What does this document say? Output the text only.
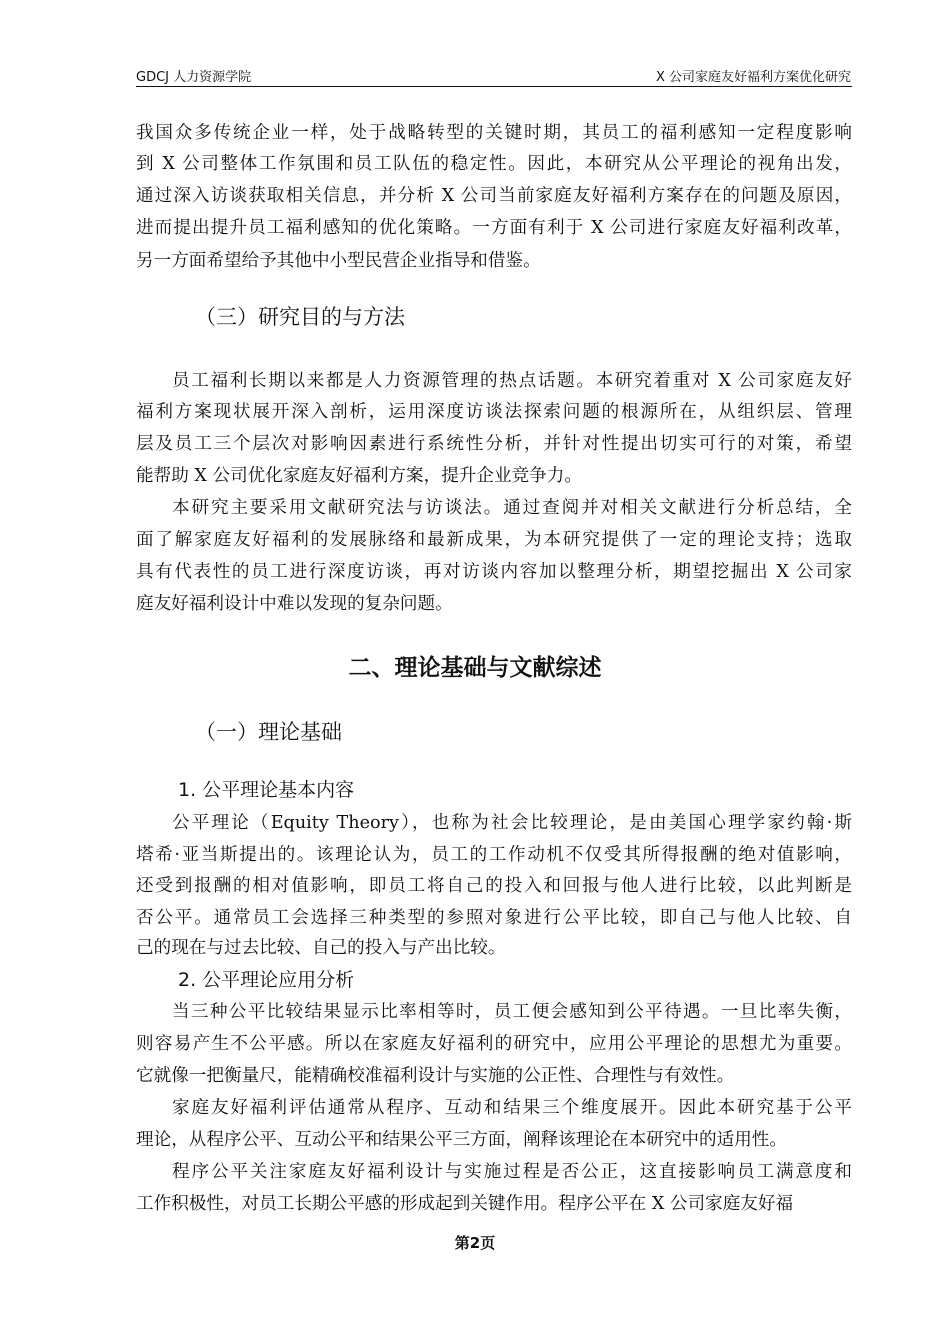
GDCJ 人力资源学院	X 公司家庭友好福利方案优化研究
（三）研究目的与方法
二、理论基础与文献综述
（一）理论基础
1. 公平理论基本内容
2. 公平理论应用分析
我国众多传统企业一样，处于战略转型的关键时期，其员工的福利感知一定程度影响
到 X 公司整体工作氛围和员工队伍的稳定性。因此，本研究从公平理论的视角出发，
通过深入访谈获取相关信息，并分析 X 公司当前家庭友好福利方案存在的问题及原因，
进而提出提升员工福利感知的优化策略。一方面有利于 X 公司进行家庭友好福利改革，
另一方面希望给予其他中小型民营企业指导和借鉴。
员工福利长期以来都是人力资源管理的热点话题。本研究着重对 X 公司家庭友好
福利方案现状展开深入剖析，运用深度访谈法探索问题的根源所在，从组织层、管理
层及员工三个层次对影响因素进行系统性分析，并针对性提出切实可行的对策，希望
能帮助 X 公司优化家庭友好福利方案，提升企业竞争力。
本研究主要采用文献研究法与访谈法。通过查阅并对相关文献进行分析总结，全
面了解家庭友好福利的发展脉络和最新成果，为本研究提供了一定的理论支持；选取
具有代表性的员工进行深度访谈，再对访谈内容加以整理分析，期望挖掘出 X 公司家
庭友好福利设计中难以发现的复杂问题。
公平理论（Equity Theory），也称为社会比较理论，是由美国心理学家约翰·斯
塔希·亚当斯提出的。该理论认为，员工的工作动机不仅受其所得报酬的绝对值影响，
还受到报酬的相对值影响，即员工将自己的投入和回报与他人进行比较，以此判断是
否公平。通常员工会选择三种类型的参照对象进行公平比较，即自己与他人比较、自
己的现在与过去比较、自己的投入与产出比较。
当三种公平比较结果显示比率相等时，员工便会感知到公平待遇。一旦比率失衡，
则容易产生不公平感。所以在家庭友好福利的研究中，应用公平理论的思想尤为重要。
它就像一把衡量尺，能精确校准福利设计与实施的公正性、合理性与有效性。
家庭友好福利评估通常从程序、互动和结果三个维度展开。因此本研究基于公平
理论，从程序公平、互动公平和结果公平三方面，阐释该理论在本研究中的适用性。
程序公平关注家庭友好福利设计与实施过程是否公正，这直接影响员工满意度和
工作积极性，对员工长期公平感的形成起到关键作用。程序公平在 X 公司家庭友好福
第2页
